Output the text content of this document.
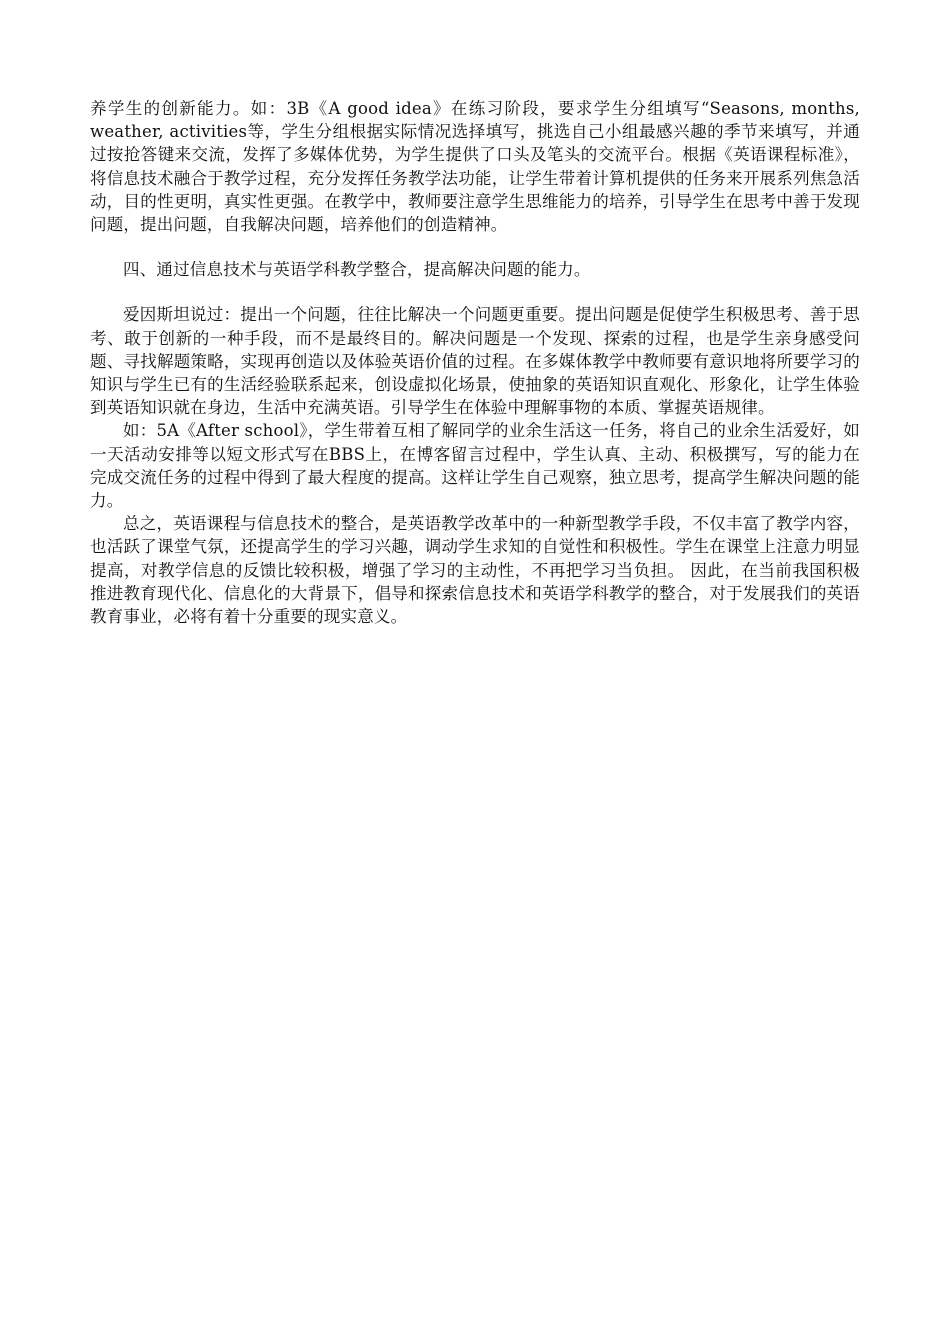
养学生的创新能力。如：3B《A good idea》在练习阶段，要求学生分组填写“Seasons, months, weather, activities等，学生分组根据实际情况选择填写，挑选自己小组最感兴趣的季节来填写，并通过按抢答键来交流，发挥了多媒体优势，为学生提供了口头及笔头的交流平台。根据《英语课程标准》，将信息技术融合于教学过程，充分发挥任务教学法功能，让学生带着计算机提供的任务来开展系列焦急活动，目的性更明，真实性更强。在教学中，教师要注意学生思维能力的培养，引导学生在思考中善于发现问题，提出问题，自我解决问题，培养他们的创造精神。

四、通过信息技术与英语学科教学整合，提高解决问题的能力。

爱因斯坦说过：提出一个问题，往往比解决一个问题更重要。提出问题是促使学生积极思考、善于思考、敢于创新的一种手段，而不是最终目的。解决问题是一个发现、探索的过程，也是学生亲身感受问题、寻找解题策略，实现再创造以及体验英语价值的过程。在多媒体教学中教师要有意识地将所要学习的知识与学生已有的生活经验联系起来，创设虚拟化场景，使抽象的英语知识直观化、形象化，让学生体验到英语知识就在身边，生活中充满英语。引导学生在体验中理解事物的本质、掌握英语规律。

如：5A《After school》，学生带着互相了解同学的业余生活这一任务，将自己的业余生活爱好，如一天活动安排等以短文形式写在BBS上，在博客留言过程中，学生认真、主动、积极撰写，写的能力在完成交流任务的过程中得到了最大程度的提高。这样让学生自己观察，独立思考，提高学生解决问题的能力。

总之，英语课程与信息技术的整合，是英语教学改革中的一种新型教学手段，不仅丰富了教学内容，也活跃了课堂气氛，还提高学生的学习兴趣，调动学生求知的自觉性和积极性。学生在课堂上注意力明显提高，对教学信息的反馈比较积极，增强了学习的主动性，不再把学习当负担。 因此，在当前我国积极推进教育现代化、信息化的大背景下，倡导和探索信息技术和英语学科教学的整合，对于发展我们的英语教育事业，必将有着十分重要的现实意义。
